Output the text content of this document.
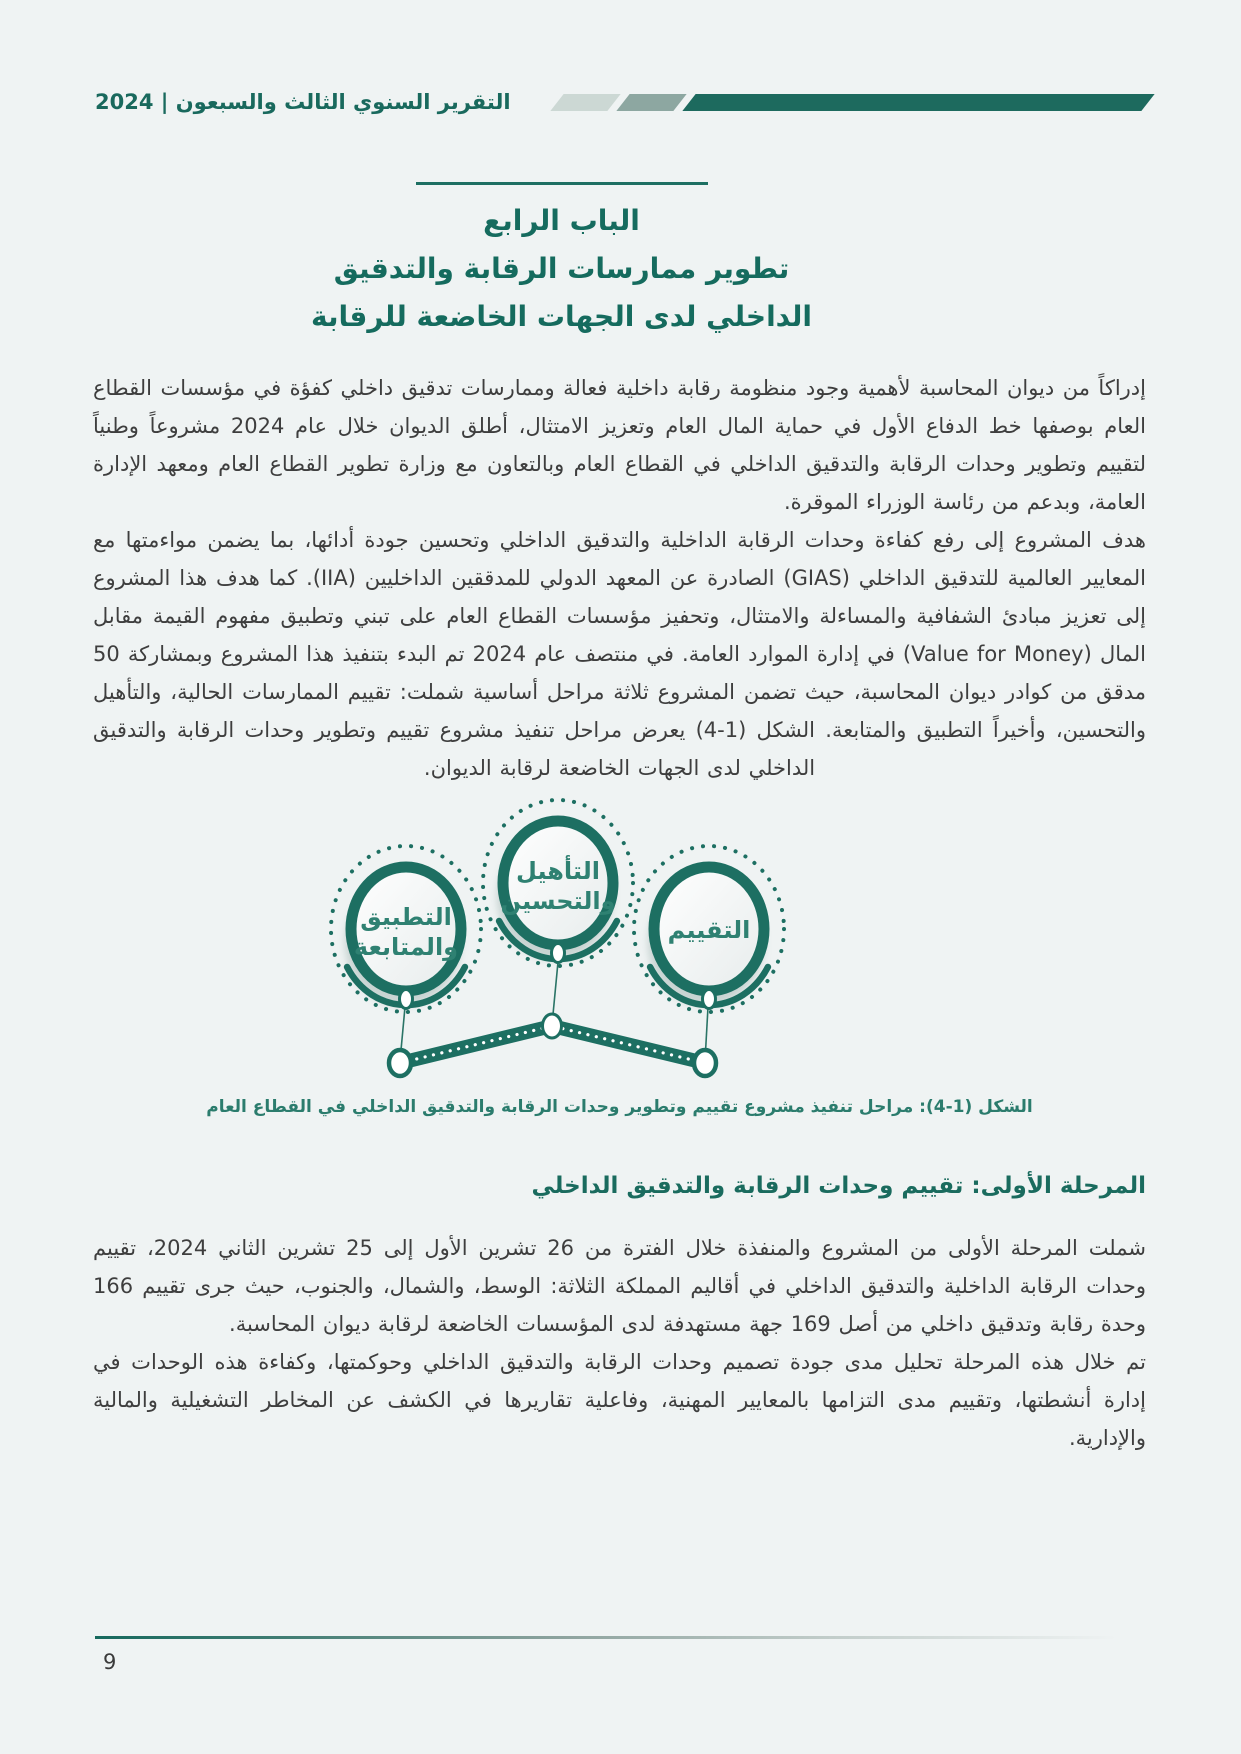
التقرير السنوي الثالث والسبعون | 2024
الباب الرابع
تطوير ممارسات الرقابة والتدقيق
الداخلي لدى الجهات الخاضعة للرقابة

إدراكاً من ديوان المحاسبة لأهمية وجود منظومة رقابة داخلية فعالة وممارسات تدقيق داخلي كفؤة في مؤسسات القطاع العام بوصفها خط الدفاع الأول في حماية المال العام وتعزيز الامتثال، أطلق الديوان خلال عام 2024 مشروعاً وطنياً لتقييم وتطوير وحدات الرقابة والتدقيق الداخلي في القطاع العام وبالتعاون مع وزارة تطوير القطاع العام ومعهد الإدارة العامة، وبدعم من رئاسة الوزراء الموقرة.

هدف المشروع إلى رفع كفاءة وحدات الرقابة الداخلية والتدقيق الداخلي وتحسين جودة أدائها، بما يضمن مواءمتها مع المعايير العالمية للتدقيق الداخلي (GIAS) الصادرة عن المعهد الدولي للمدققين الداخليين (IIA). كما هدف هذا المشروع إلى تعزيز مبادئ الشفافية والمساءلة والامتثال، وتحفيز مؤسسات القطاع العام على تبني وتطبيق مفهوم القيمة مقابل المال (Value for Money) في إدارة الموارد العامة. في منتصف عام 2024 تم البدء بتنفيذ هذا المشروع وبمشاركة 50 مدقق من كوادر ديوان المحاسبة، حيث تضمن المشروع ثلاثة مراحل أساسية شملت: تقييم الممارسات الحالية، والتأهيل والتحسين، وأخيراً التطبيق والمتابعة. الشكل (1-4) يعرض مراحل تنفيذ مشروع تقييم وتطوير وحدات الرقابة والتدقيق الداخلي لدى الجهات الخاضعة لرقابة الديوان.

التطبيق
والمتابعة
التأهيل
والتحسين
التقييم
الشكل (1-4): مراحل تنفيذ مشروع تقييم وتطوير وحدات الرقابة والتدقيق الداخلي في القطاع العام
المرحلة الأولى: تقييم وحدات الرقابة والتدقيق الداخلي

شملت المرحلة الأولى من المشروع والمنفذة خلال الفترة من 26 تشرين الأول إلى 25 تشرين الثاني 2024، تقييم وحدات الرقابة الداخلية والتدقيق الداخلي في أقاليم المملكة الثلاثة: الوسط، والشمال، والجنوب، حيث جرى تقييم 166 وحدة رقابة وتدقيق داخلي من أصل 169 جهة مستهدفة لدى المؤسسات الخاضعة لرقابة ديوان المحاسبة.

تم خلال هذه المرحلة تحليل مدى جودة تصميم وحدات الرقابة والتدقيق الداخلي وحوكمتها، وكفاءة هذه الوحدات في إدارة أنشطتها، وتقييم مدى التزامها بالمعايير المهنية، وفاعلية تقاريرها في الكشف عن المخاطر التشغيلية والمالية والإدارية.

9
